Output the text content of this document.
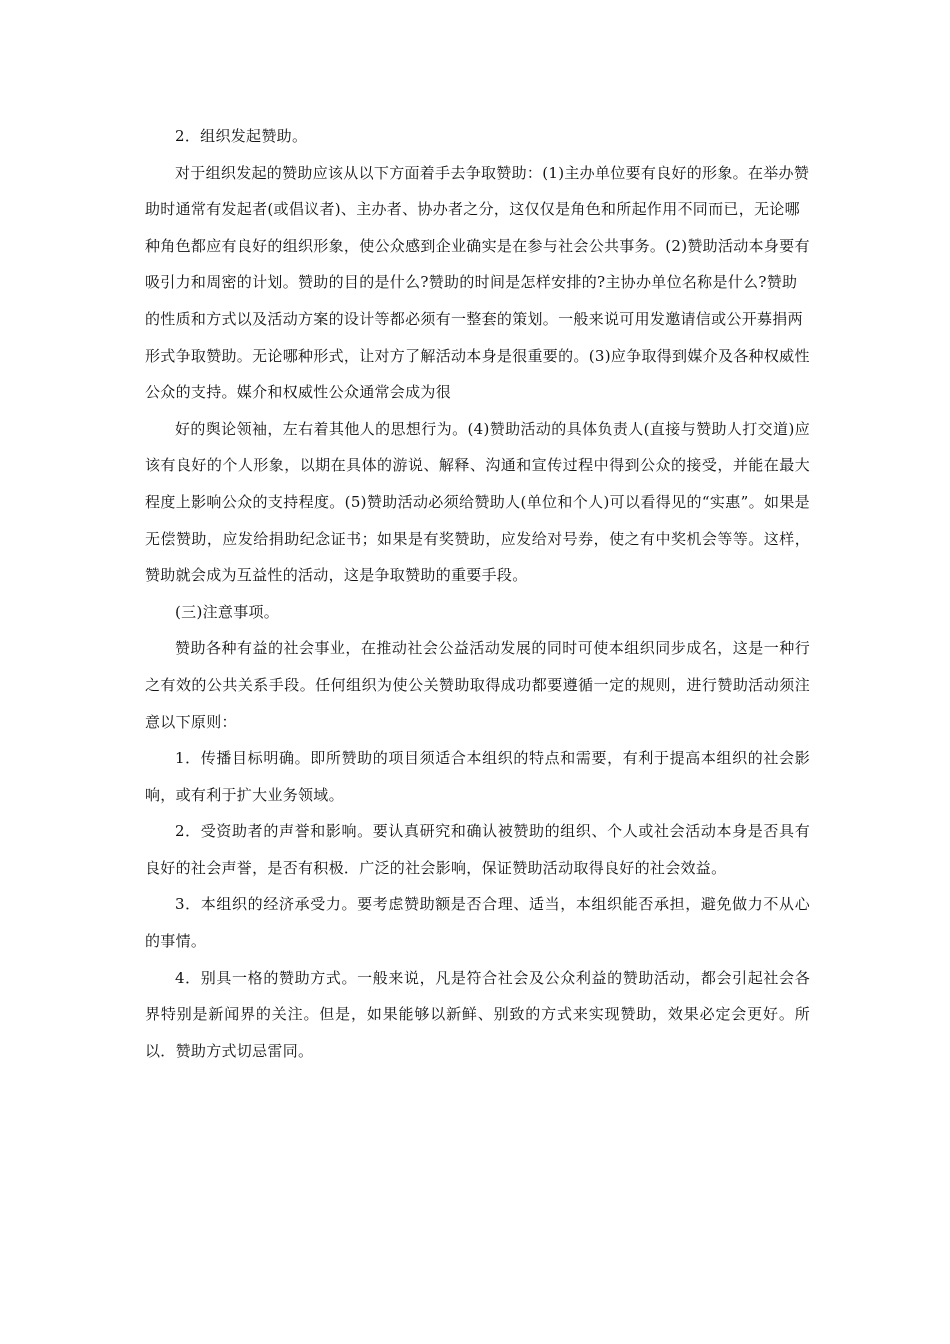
2．组织发起赞助。

对于组织发起的赞助应该从以下方面着手去争取赞助：(1)主办单位要有良好的形象。在举办赞助时通常有发起者(或倡议者)、主办者、协办者之分，这仅仅是角色和所起作用不同而已，无论哪种角色都应有良好的组织形象，使公众感到企业确实是在参与社会公共事务。(2)赞助活动本身要有吸引力和周密的计划。赞助的目的是什么?赞助的时间是怎样安排的?主协办单位名称是什么?赞助的性质和方式以及活动方案的设计等都必须有一整套的策划。一般来说可用发邀请信或公开募捐两形式争取赞助。无论哪种形式，让对方了解活动本身是很重要的。(3)应争取得到媒介及各种权威性公众的支持。媒介和权威性公众通常会成为很

好的舆论领袖，左右着其他人的思想行为。(4)赞助活动的具体负责人(直接与赞助人打交道)应该有良好的个人形象，以期在具体的游说、解释、沟通和宣传过程中得到公众的接受，并能在最大程度上影响公众的支持程度。(5)赞助活动必须给赞助人(单位和个人)可以看得见的“实惠”。如果是无偿赞助，应发给捐助纪念证书；如果是有奖赞助，应发给对号券，使之有中奖机会等等。这样，赞助就会成为互益性的活动，这是争取赞助的重要手段。

(三)注意事项。

赞助各种有益的社会事业，在推动社会公益活动发展的同时可使本组织同步成名，这是一种行之有效的公共关系手段。任何组织为使公关赞助取得成功都要遵循一定的规则，进行赞助活动须注意以下原则：

1．传播目标明确。即所赞助的项目须适合本组织的特点和需要，有利于提高本组织的社会影响，或有利于扩大业务领域。

2．受资助者的声誉和影响。要认真研究和确认被赞助的组织、个人或社会活动本身是否具有良好的社会声誉，是否有积极．广泛的社会影响，保证赞助活动取得良好的社会效益。

3．本组织的经济承受力。要考虑赞助额是否合理、适当，本组织能否承担，避免做力不从心的事情。

4．别具一格的赞助方式。一般来说，凡是符合社会及公众利益的赞助活动，都会引起社会各界特别是新闻界的关注。但是，如果能够以新鲜、别致的方式来实现赞助，效果必定会更好。所以．赞助方式切忌雷同。
